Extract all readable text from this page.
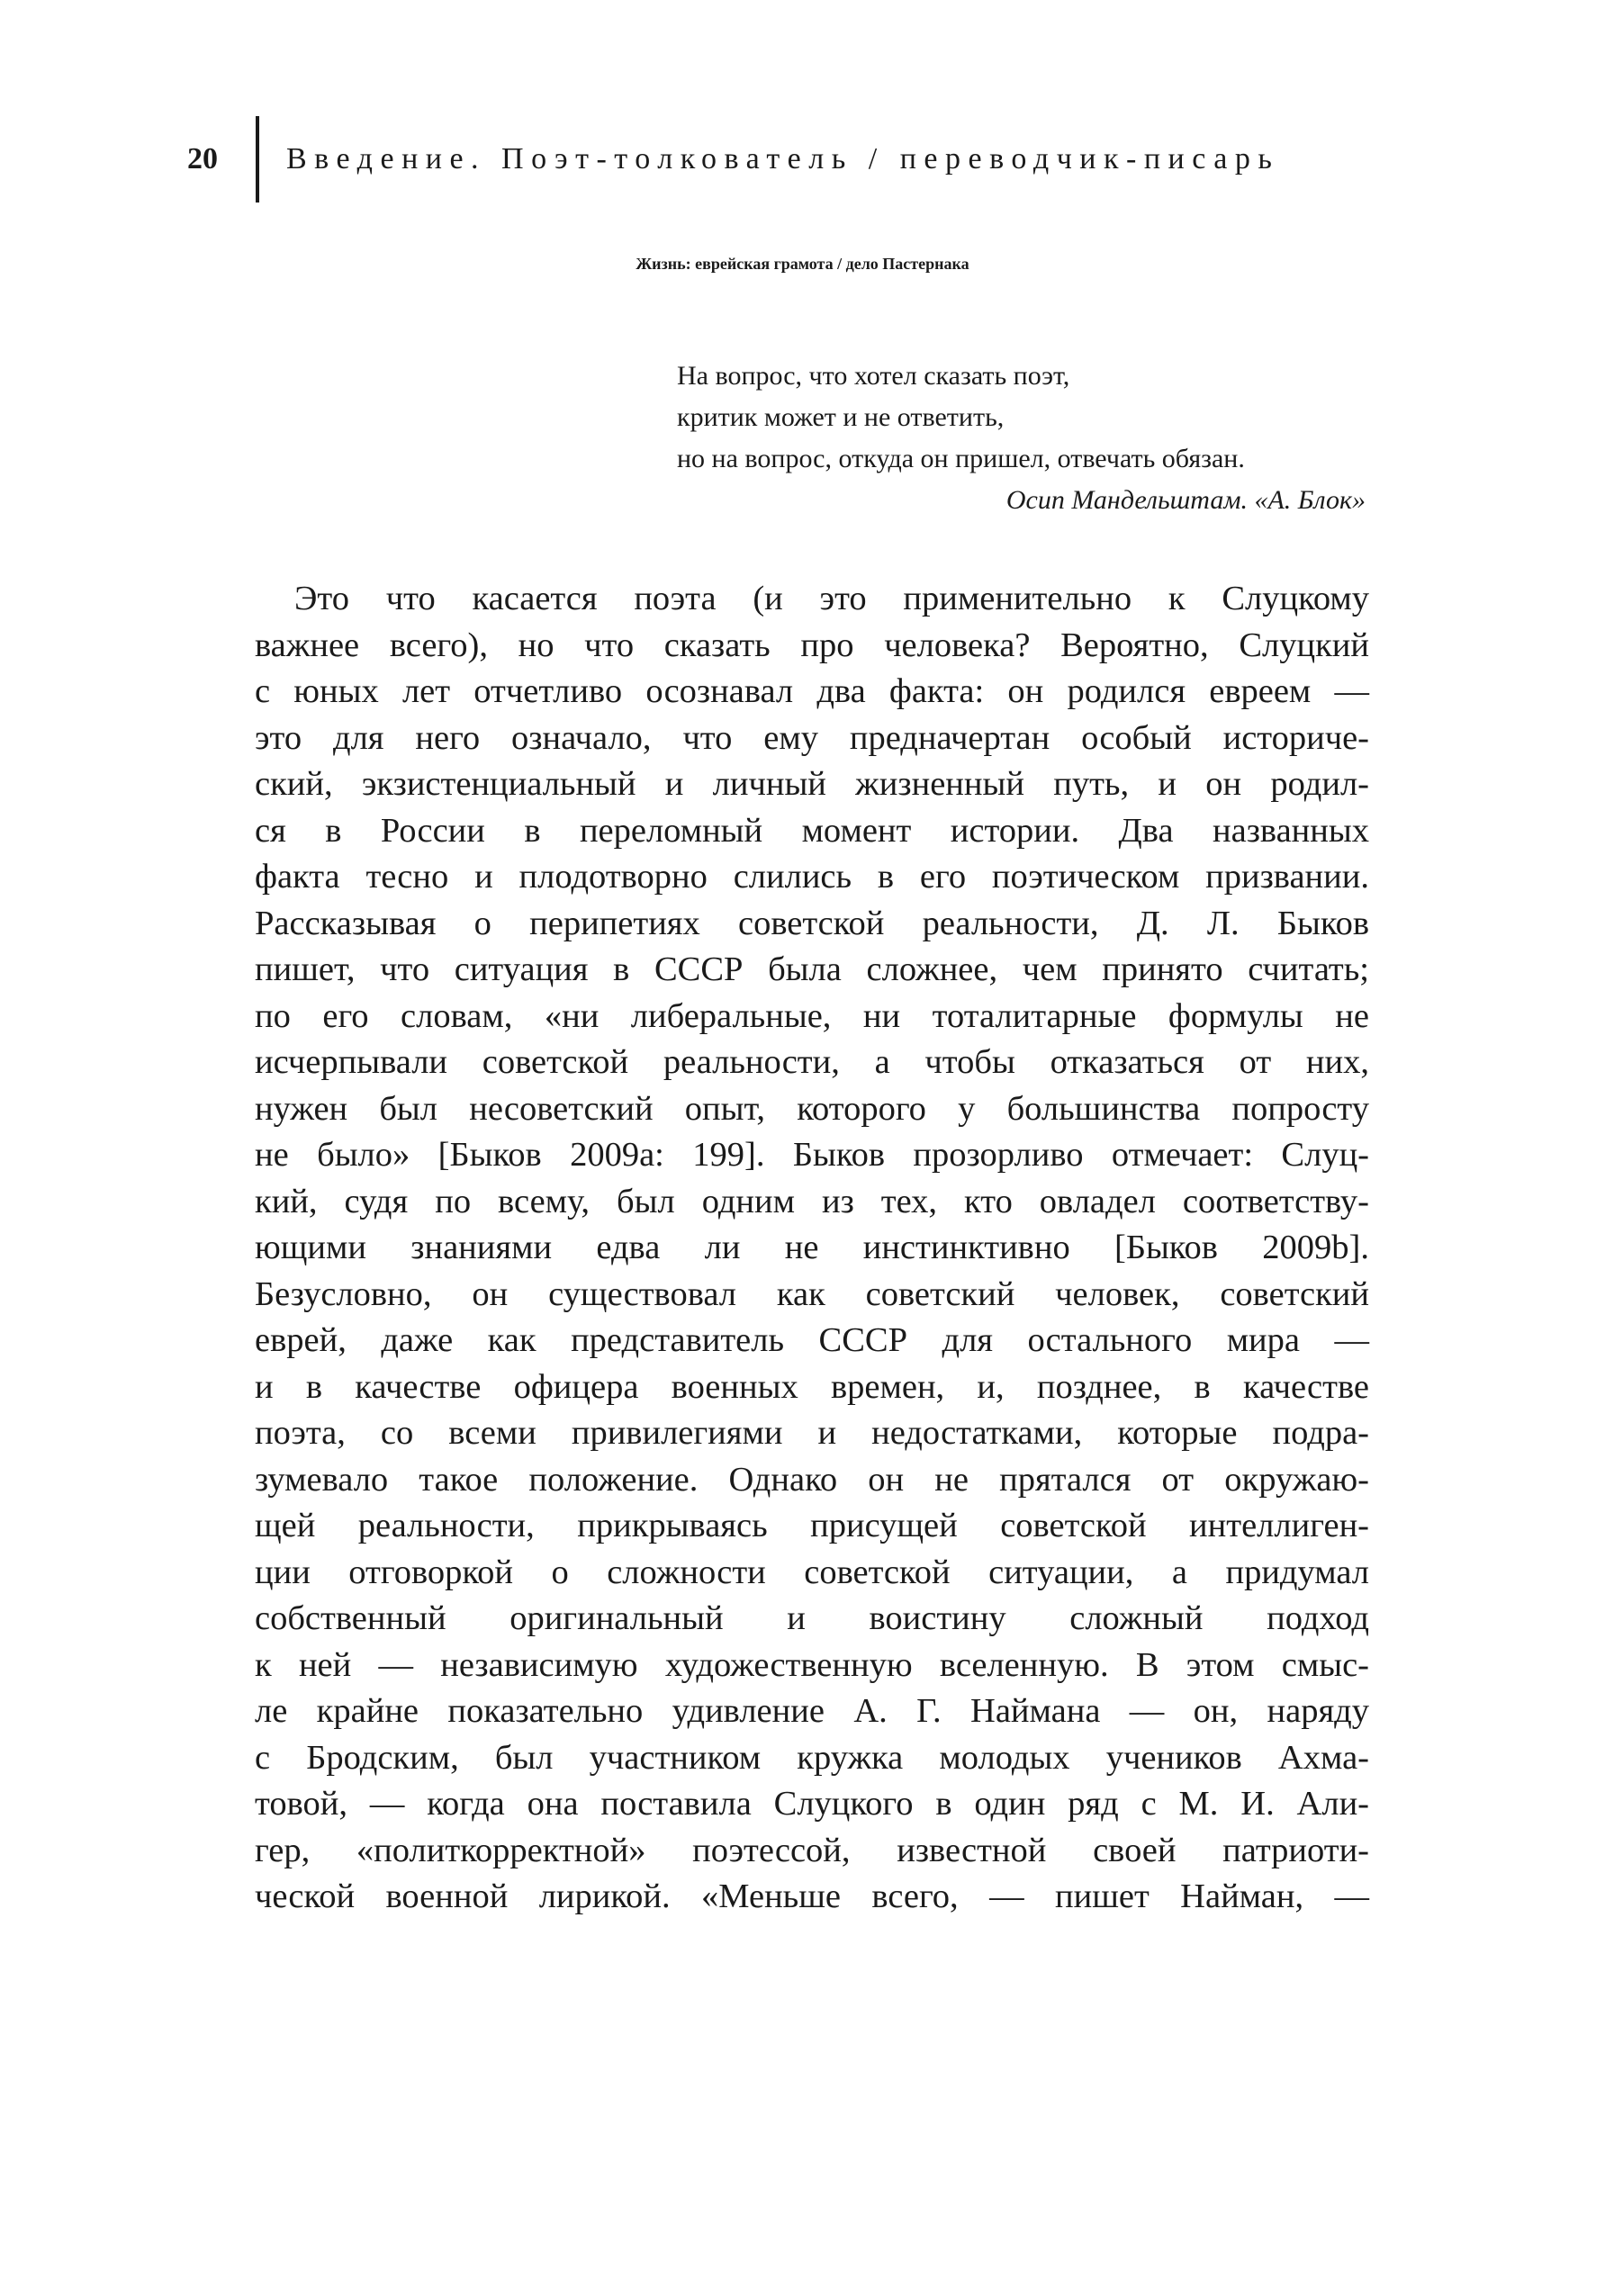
20	Введение. Поэт-толкователь / переводчик-писарь
Жизнь: еврейская грамота / дело Пастернака
На вопрос, что хотел сказать поэт,
критик может и не ответить,
но на вопрос, откуда он пришел, отвечать обязан.
Осип Мандельштам. «А. Блок»
Это что касается поэта (и это применительно к Слуцкому
важнее всего), но что сказать про человека? Вероятно, Слуцкий
с юных лет отчетливо осознавал два факта: он родился евреем —
это для него означало, что ему предначертан особый историче-
ский, экзистенциальный и личный жизненный путь, и он родил-
ся в России в переломный момент истории. Два названных
факта тесно и плодотворно слились в его поэтическом призвании.
Рассказывая о перипетиях советской реальности, Д. Л. Быков
пишет, что ситуация в СССР была сложнее, чем принято считать;
по его словам, «ни либеральные, ни тоталитарные формулы не
исчерпывали советской реальности, а чтобы отказаться от них,
нужен был несоветский опыт, которого у большинства попросту
не было» [Быков 2009а: 199]. Быков прозорливо отмечает: Слуц-
кий, судя по всему, был одним из тех, кто овладел соответству-
ющими знаниями едва ли не инстинктивно [Быков 2009b].
Безусловно, он существовал как советский человек, советский
еврей, даже как представитель СССР для остального мира —
и в качестве офицера военных времен, и, позднее, в качестве
поэта, со всеми привилегиями и недостатками, которые подра-
зумевало такое положение. Однако он не прятался от окружаю-
щей реальности, прикрываясь присущей советской интеллиген-
ции отговоркой о сложности советской ситуации, а придумал
собственный оригинальный и воистину сложный подход
к ней — независимую художественную вселенную. В этом смыс-
ле крайне показательно удивление А. Г. Наймана — он, наряду
с Бродским, был участником кружка молодых учеников Ахма-
товой, — когда она поставила Слуцкого в один ряд с М. И. Али-
гер, «политкорректной» поэтессой, известной своей патриоти-
ческой военной лирикой. «Меньше всего, — пишет Найман, —
